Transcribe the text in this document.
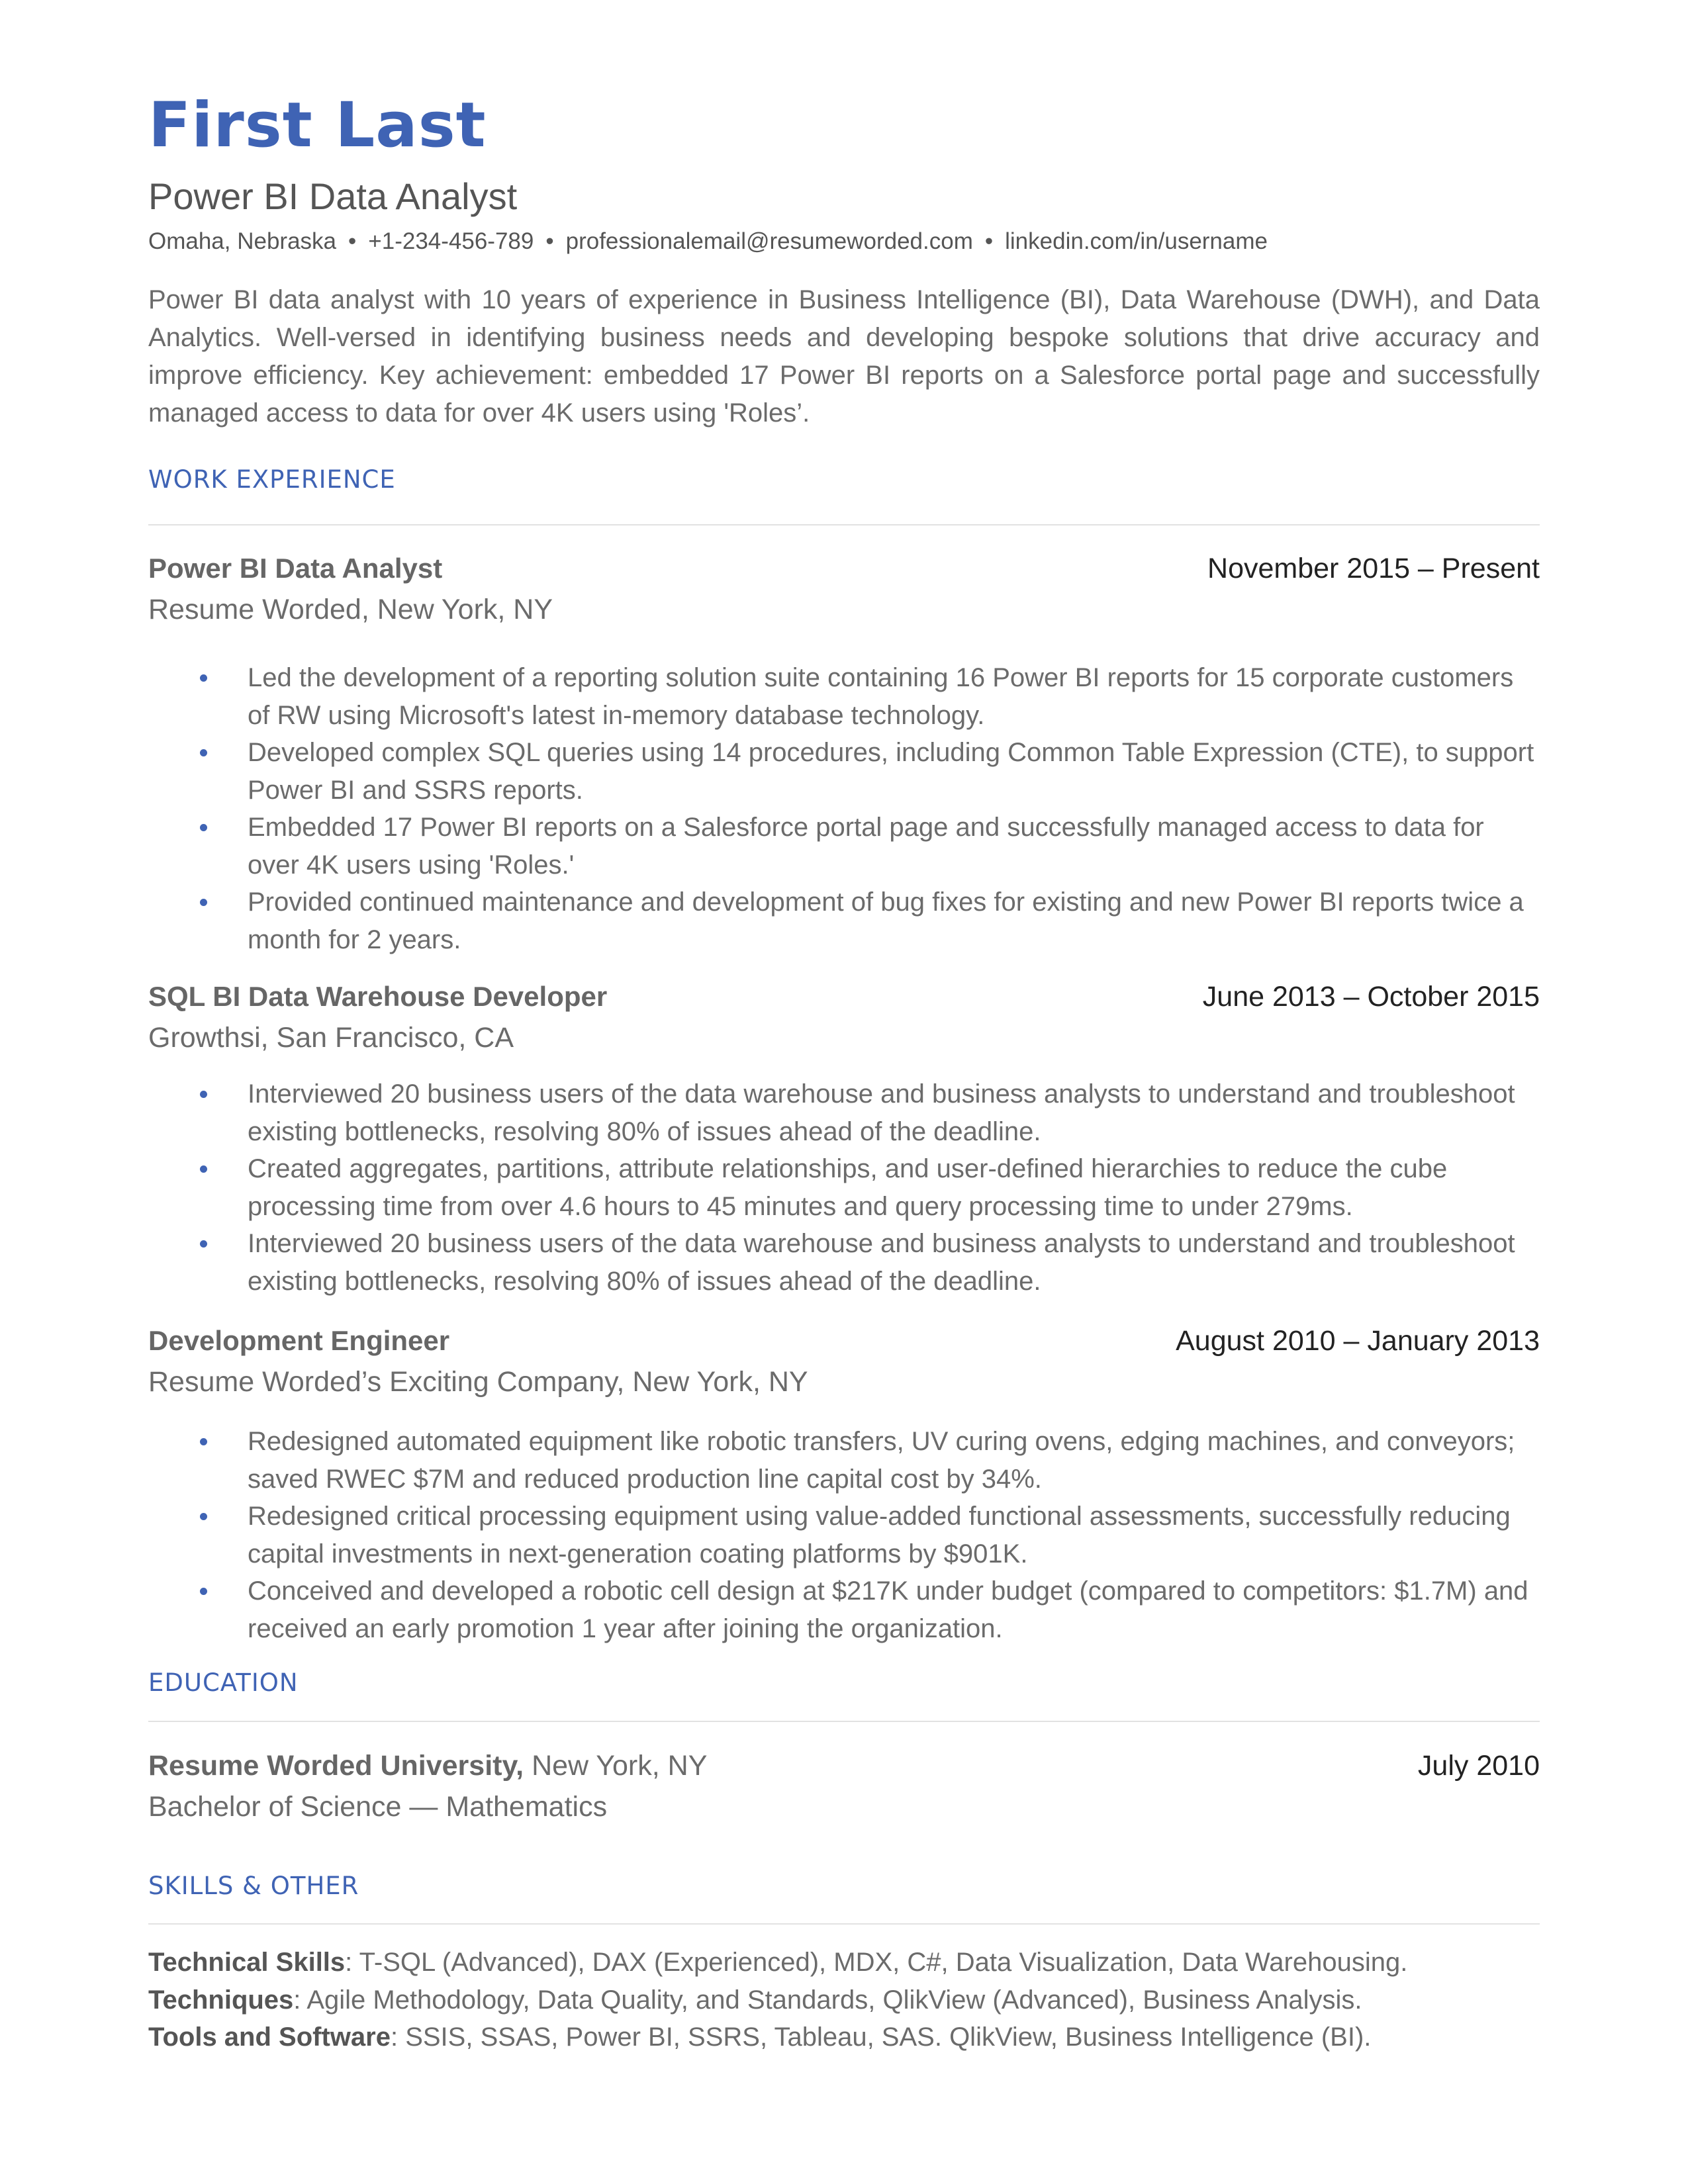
First Last
Power BI Data Analyst
Omaha, Nebraska • +1-234-456-789 • professionalemail@resumeworded.com • linkedin.com/in/username
Power BI data analyst with 10 years of experience in Business Intelligence (BI), Data Warehouse (DWH), and Data Analytics. Well-versed in identifying business needs and developing bespoke solutions that drive accuracy and improve efficiency. Key achievement: embedded 17 Power BI reports on a Salesforce portal page and successfully managed access to data for over 4K users using 'Roles’.
WORK EXPERIENCE
Power BI Data Analyst	November 2015 – Present
Resume Worded, New York, NY
Led the development of a reporting solution suite containing 16 Power BI reports for 15 corporate customers of RW using Microsoft's latest in-memory database technology.
Developed complex SQL queries using 14 procedures, including Common Table Expression (CTE), to support Power BI and SSRS reports.
Embedded 17 Power BI reports on a Salesforce portal page and successfully managed access to data for over 4K users using 'Roles.'
Provided continued maintenance and development of bug fixes for existing and new Power BI reports twice a month for 2 years.
SQL BI Data Warehouse Developer	June 2013 – October 2015
Growthsi, San Francisco, CA
Interviewed 20 business users of the data warehouse and business analysts to understand and troubleshoot existing bottlenecks, resolving 80% of issues ahead of the deadline.
Created aggregates, partitions, attribute relationships, and user-defined hierarchies to reduce the cube processing time from over 4.6 hours to 45 minutes and query processing time to under 279ms.
Interviewed 20 business users of the data warehouse and business analysts to understand and troubleshoot existing bottlenecks, resolving 80% of issues ahead of the deadline.
Development Engineer	August 2010 – January 2013
Resume Worded’s Exciting Company, New York, NY
Redesigned automated equipment like robotic transfers, UV curing ovens, edging machines, and conveyors; saved RWEC $7M and reduced production line capital cost by 34%.
Redesigned critical processing equipment using value-added functional assessments, successfully reducing capital investments in next-generation coating platforms by $901K.
Conceived and developed a robotic cell design at $217K under budget (compared to competitors: $1.7M) and received an early promotion 1 year after joining the organization.
EDUCATION
Resume Worded University, New York, NY	July 2010
Bachelor of Science — Mathematics
SKILLS & OTHER
Technical Skills: T-SQL (Advanced), DAX (Experienced), MDX, C#, Data Visualization, Data Warehousing.
Techniques: Agile Methodology, Data Quality, and Standards, QlikView (Advanced), Business Analysis.
Tools and Software: SSIS, SSAS, Power BI, SSRS, Tableau, SAS. QlikView, Business Intelligence (BI).
